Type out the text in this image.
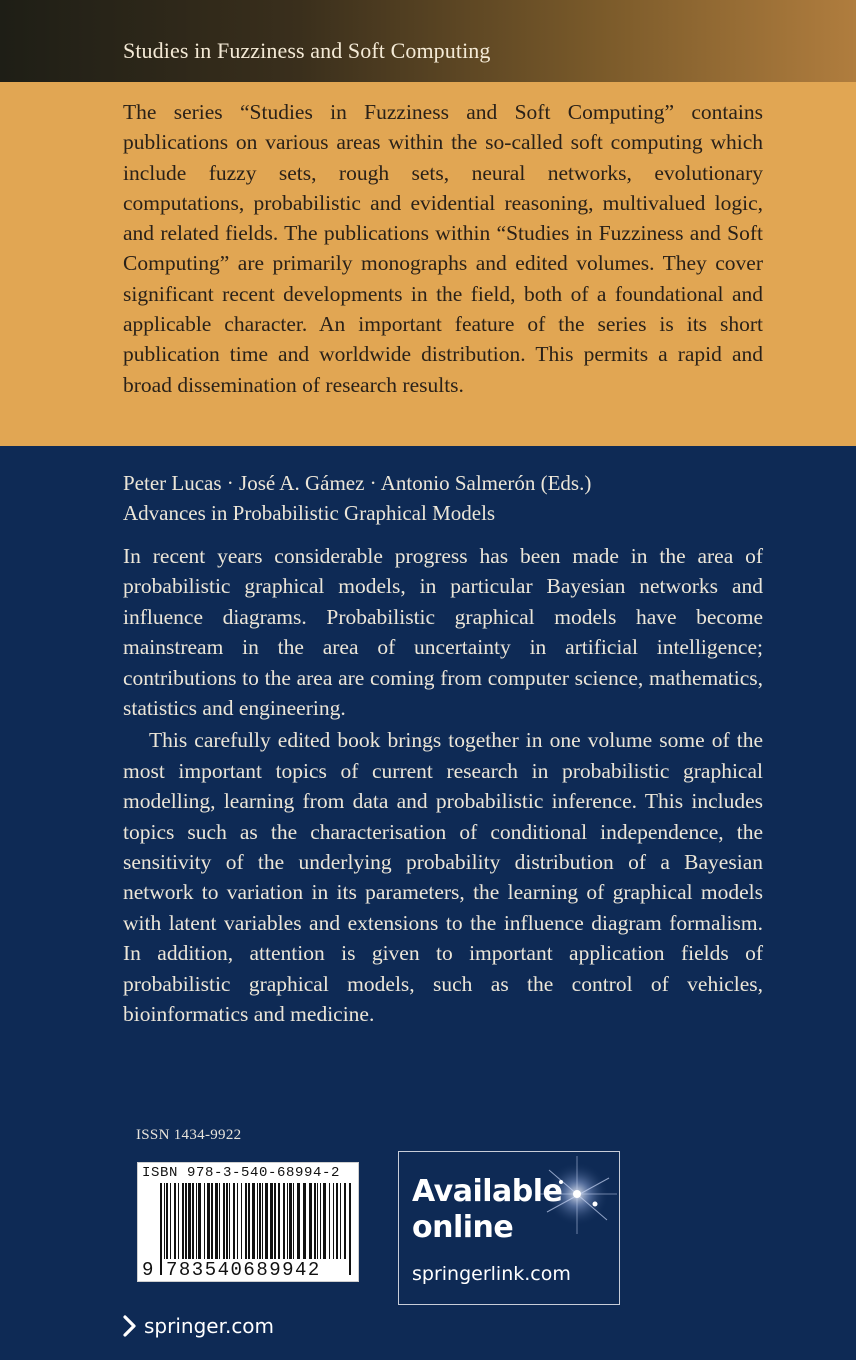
Studies in Fuzziness and Soft Computing

The series “Studies in Fuzziness and Soft Computing” contains publications on various areas within the so-called soft computing which include fuzzy sets, rough sets, neural networks, evolutionary computations, probabilistic and evidential reasoning, multivalued logic, and related fields. The publications within “Studies in Fuzziness and Soft Computing” are primarily monographs and edited volumes. They cover significant recent developments in the field, both of a foundational and applicable character. An important feature of the series is its short publication time and worldwide distribution. This permits a rapid and broad dissemination of research results.

Peter Lucas · José A. Gámez · Antonio Salmerón (Eds.)
Advances in Probabilistic Graphical Models

In recent years considerable progress has been made in the area of probabilistic graphical models, in particular Bayesian networks and influence diagrams. Probabilistic graphical models have become mainstream in the area of uncertainty in artificial intelligence; contributions to the area are coming from computer science, mathematics, statistics and engineering.

This carefully edited book brings together in one volume some of the most important topics of current research in probabilistic graphical modelling, learning from data and probabilistic inference. This includes topics such as the characterisation of conditional independence, the sensitivity of the underlying probability distribution of a Bayesian network to variation in its parameters, the learning of graphical models with latent variables and extensions to the influence diagram formalism. In addition, attention is given to important application fields of probabilistic graphical models, such as the control of vehicles, bioinformatics and medicine.

ISSN 1434-9922
ISBN 978-3-540-68994-2
9 783540689942
Available
online
springerlink.com
springer.com
